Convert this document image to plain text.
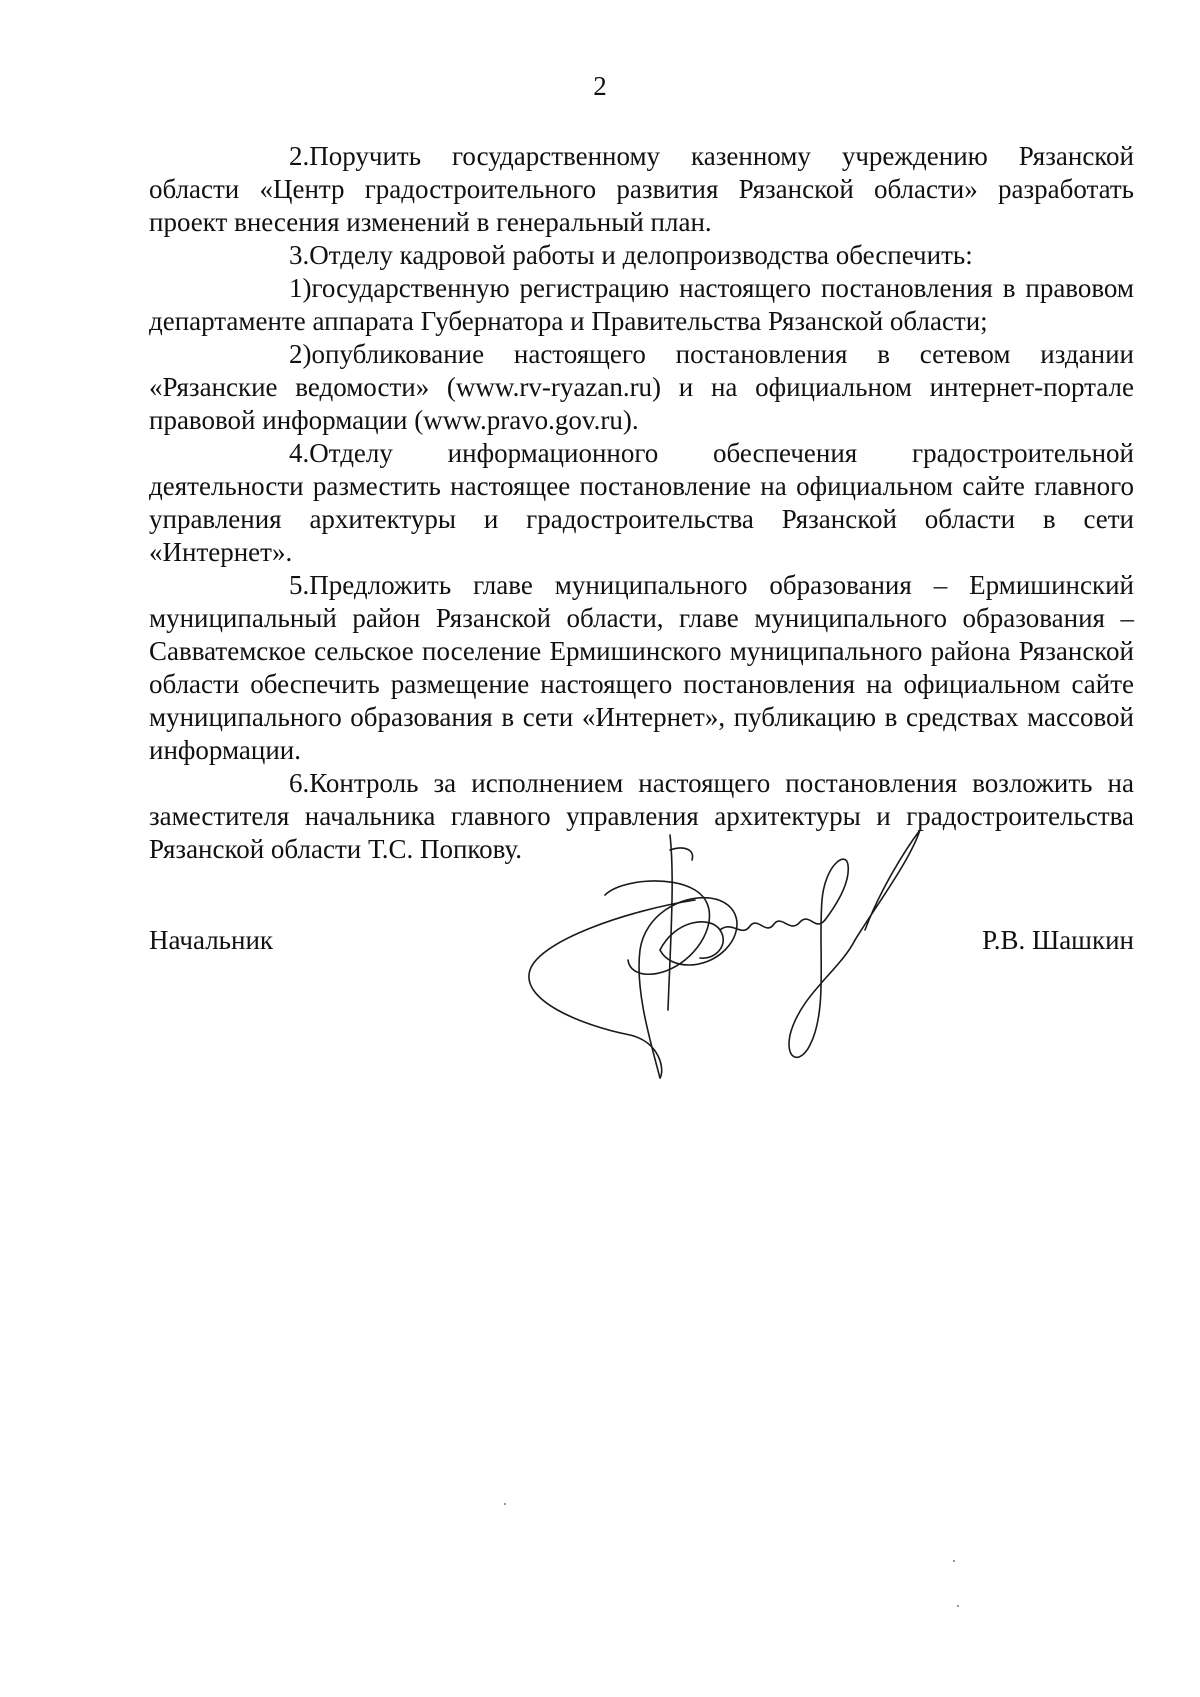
2

2.Поручить государственному казенному учреждению Рязанской области «Центр градостроительного развития Рязанской области» разработать проект внесения изменений в генеральный план.

3.Отделу кадровой работы и делопроизводства обеспечить:

1)государственную регистрацию настоящего постановления в правовом департаменте аппарата Губернатора и Правительства Рязанской области;

2)опубликование настоящего постановления в сетевом издании «Рязанские ведомости» (www.rv-ryazan.ru) и на официальном интернет-портале правовой информации (www.pravo.gov.ru).

4.Отделу информационного обеспечения градостроительной деятельности разместить настоящее постановление на официальном сайте главного управления архитектуры и градостроительства Рязанской области в сети «Интернет».

5.Предложить главе муниципального образования – Ермишинский муниципальный район Рязанской области, главе муниципального образования – Савватемское сельское поселение Ермишинского муниципального района Рязанской области обеспечить размещение настоящего постановления на официальном сайте муниципального образования в сети «Интернет», публикацию в средствах массовой информации.

6.Контроль за исполнением настоящего постановления возложить на заместителя начальника главного управления архитектуры и градостроительства Рязанской области Т.С. Попкову.

Начальник	Р.В. Шашкин
